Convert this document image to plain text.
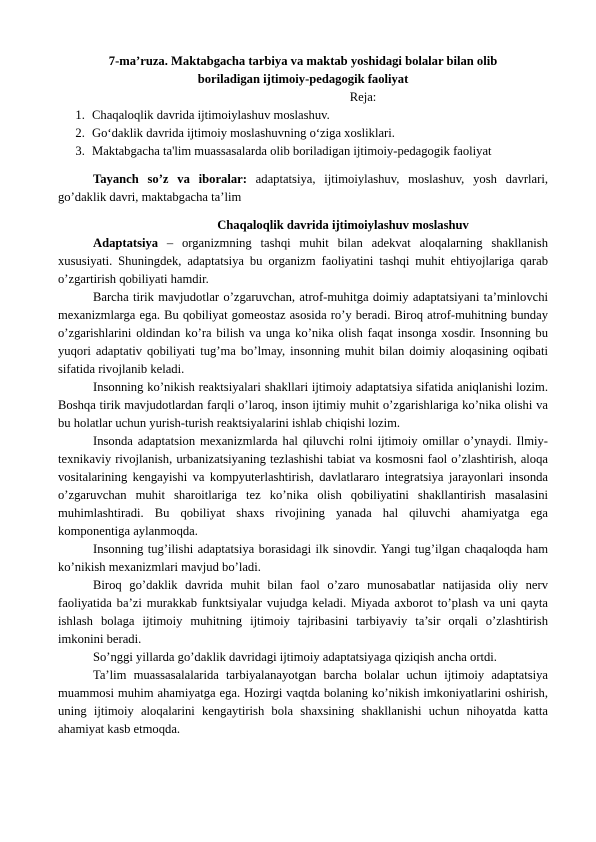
7-ma’ruza. Maktabgacha tarbiya va maktab yoshidagi bolalar bilan olib
boriladigan ijtimoiy-pedagogik faoliyat

Reja:

1. Chaqaloqlik davrida ijtimoiylashuv moslashuv.
2. Go‘daklik davrida ijtimoiy moslashuvning o‘ziga xosliklari.
3. Maktabgacha ta'lim muassasalarda olib boriladigan ijtimoiy-pedagogik faoliyat

Tayanch so’z va iboralar: adaptatsiya, ijtimoiylashuv, moslashuv, yosh davrlari, go’daklik davri, maktabgacha ta’lim

Chaqaloqlik davrida ijtimoiylashuv moslashuv

Adaptatsiya – organizmning tashqi muhit bilan adekvat aloqalarning shakllanish xususiyati. Shuningdek, adaptatsiya bu organizm faoliyatini tashqi muhit ehtiyojlariga qarab o’zgartirish qobiliyati hamdir.

Barcha tirik mavjudotlar o’zgaruvchan, atrof-muhitga doimiy adaptatsiyani ta’minlovchi mexanizmlarga ega. Bu qobiliyat gomeostaz asosida ro’y beradi. Biroq atrof-muhitning bunday o’zgarishlarini oldindan ko’ra bilish va unga ko’nika olish faqat insonga xosdir. Insonning bu yuqori adaptativ qobiliyati tug’ma bo’lmay, insonning muhit bilan doimiy aloqasining oqibati sifatida rivojlanib keladi.

Insonning ko’nikish reaktsiyalari shakllari ijtimoiy adaptatsiya sifatida aniqlanishi lozim. Boshqa tirik mavjudotlardan farqli o’laroq, inson ijtimiy muhit o’zgarishlariga ko’nika olishi va bu holatlar uchun yurish-turish reaktsiyalarini ishlab chiqishi lozim.

Insonda adaptatsion mexanizmlarda hal qiluvchi rolni ijtimoiy omillar o’ynaydi. Ilmiy-texnikaviy rivojlanish, urbanizatsiyaning tezlashishi tabiat va kosmosni faol o’zlashtirish, aloqa vositalarining kengayishi va kompyuterlashtirish, davlatlararo integratsiya jarayonlari insonda o’zgaruvchan muhit sharoitlariga tez ko’nika olish qobiliyatini shakllantirish masalasini muhimlashtiradi. Bu qobiliyat shaxs rivojining yanada hal qiluvchi ahamiyatga ega komponentiga aylanmoqda.

Insonning tug’ilishi adaptatsiya borasidagi ilk sinovdir. Yangi tug’ilgan chaqaloqda ham ko’nikish mexanizmlari mavjud bo’ladi.

Biroq go’daklik davrida muhit bilan faol o’zaro munosabatlar natijasida oliy nerv faoliyatida ba’zi murakkab funktsiyalar vujudga keladi. Miyada axborot to’plash va uni qayta ishlash bolaga ijtimoiy muhitning ijtimoiy tajribasini tarbiyaviy ta’sir orqali o’zlashtirish imkonini beradi.

So’nggi yillarda go’daklik davridagi ijtimoiy adaptatsiyaga qiziqish ancha ortdi.

Ta’lim muassasalalarida tarbiyalanayotgan barcha bolalar uchun ijtimoiy adaptatsiya muammosi muhim ahamiyatga ega. Hozirgi vaqtda bolaning ko’nikish imkoniyatlarini oshirish, uning ijtimoiy aloqalarini kengaytirish bola shaxsining shakllanishi uchun nihoyatda katta ahamiyat kasb etmoqda.
